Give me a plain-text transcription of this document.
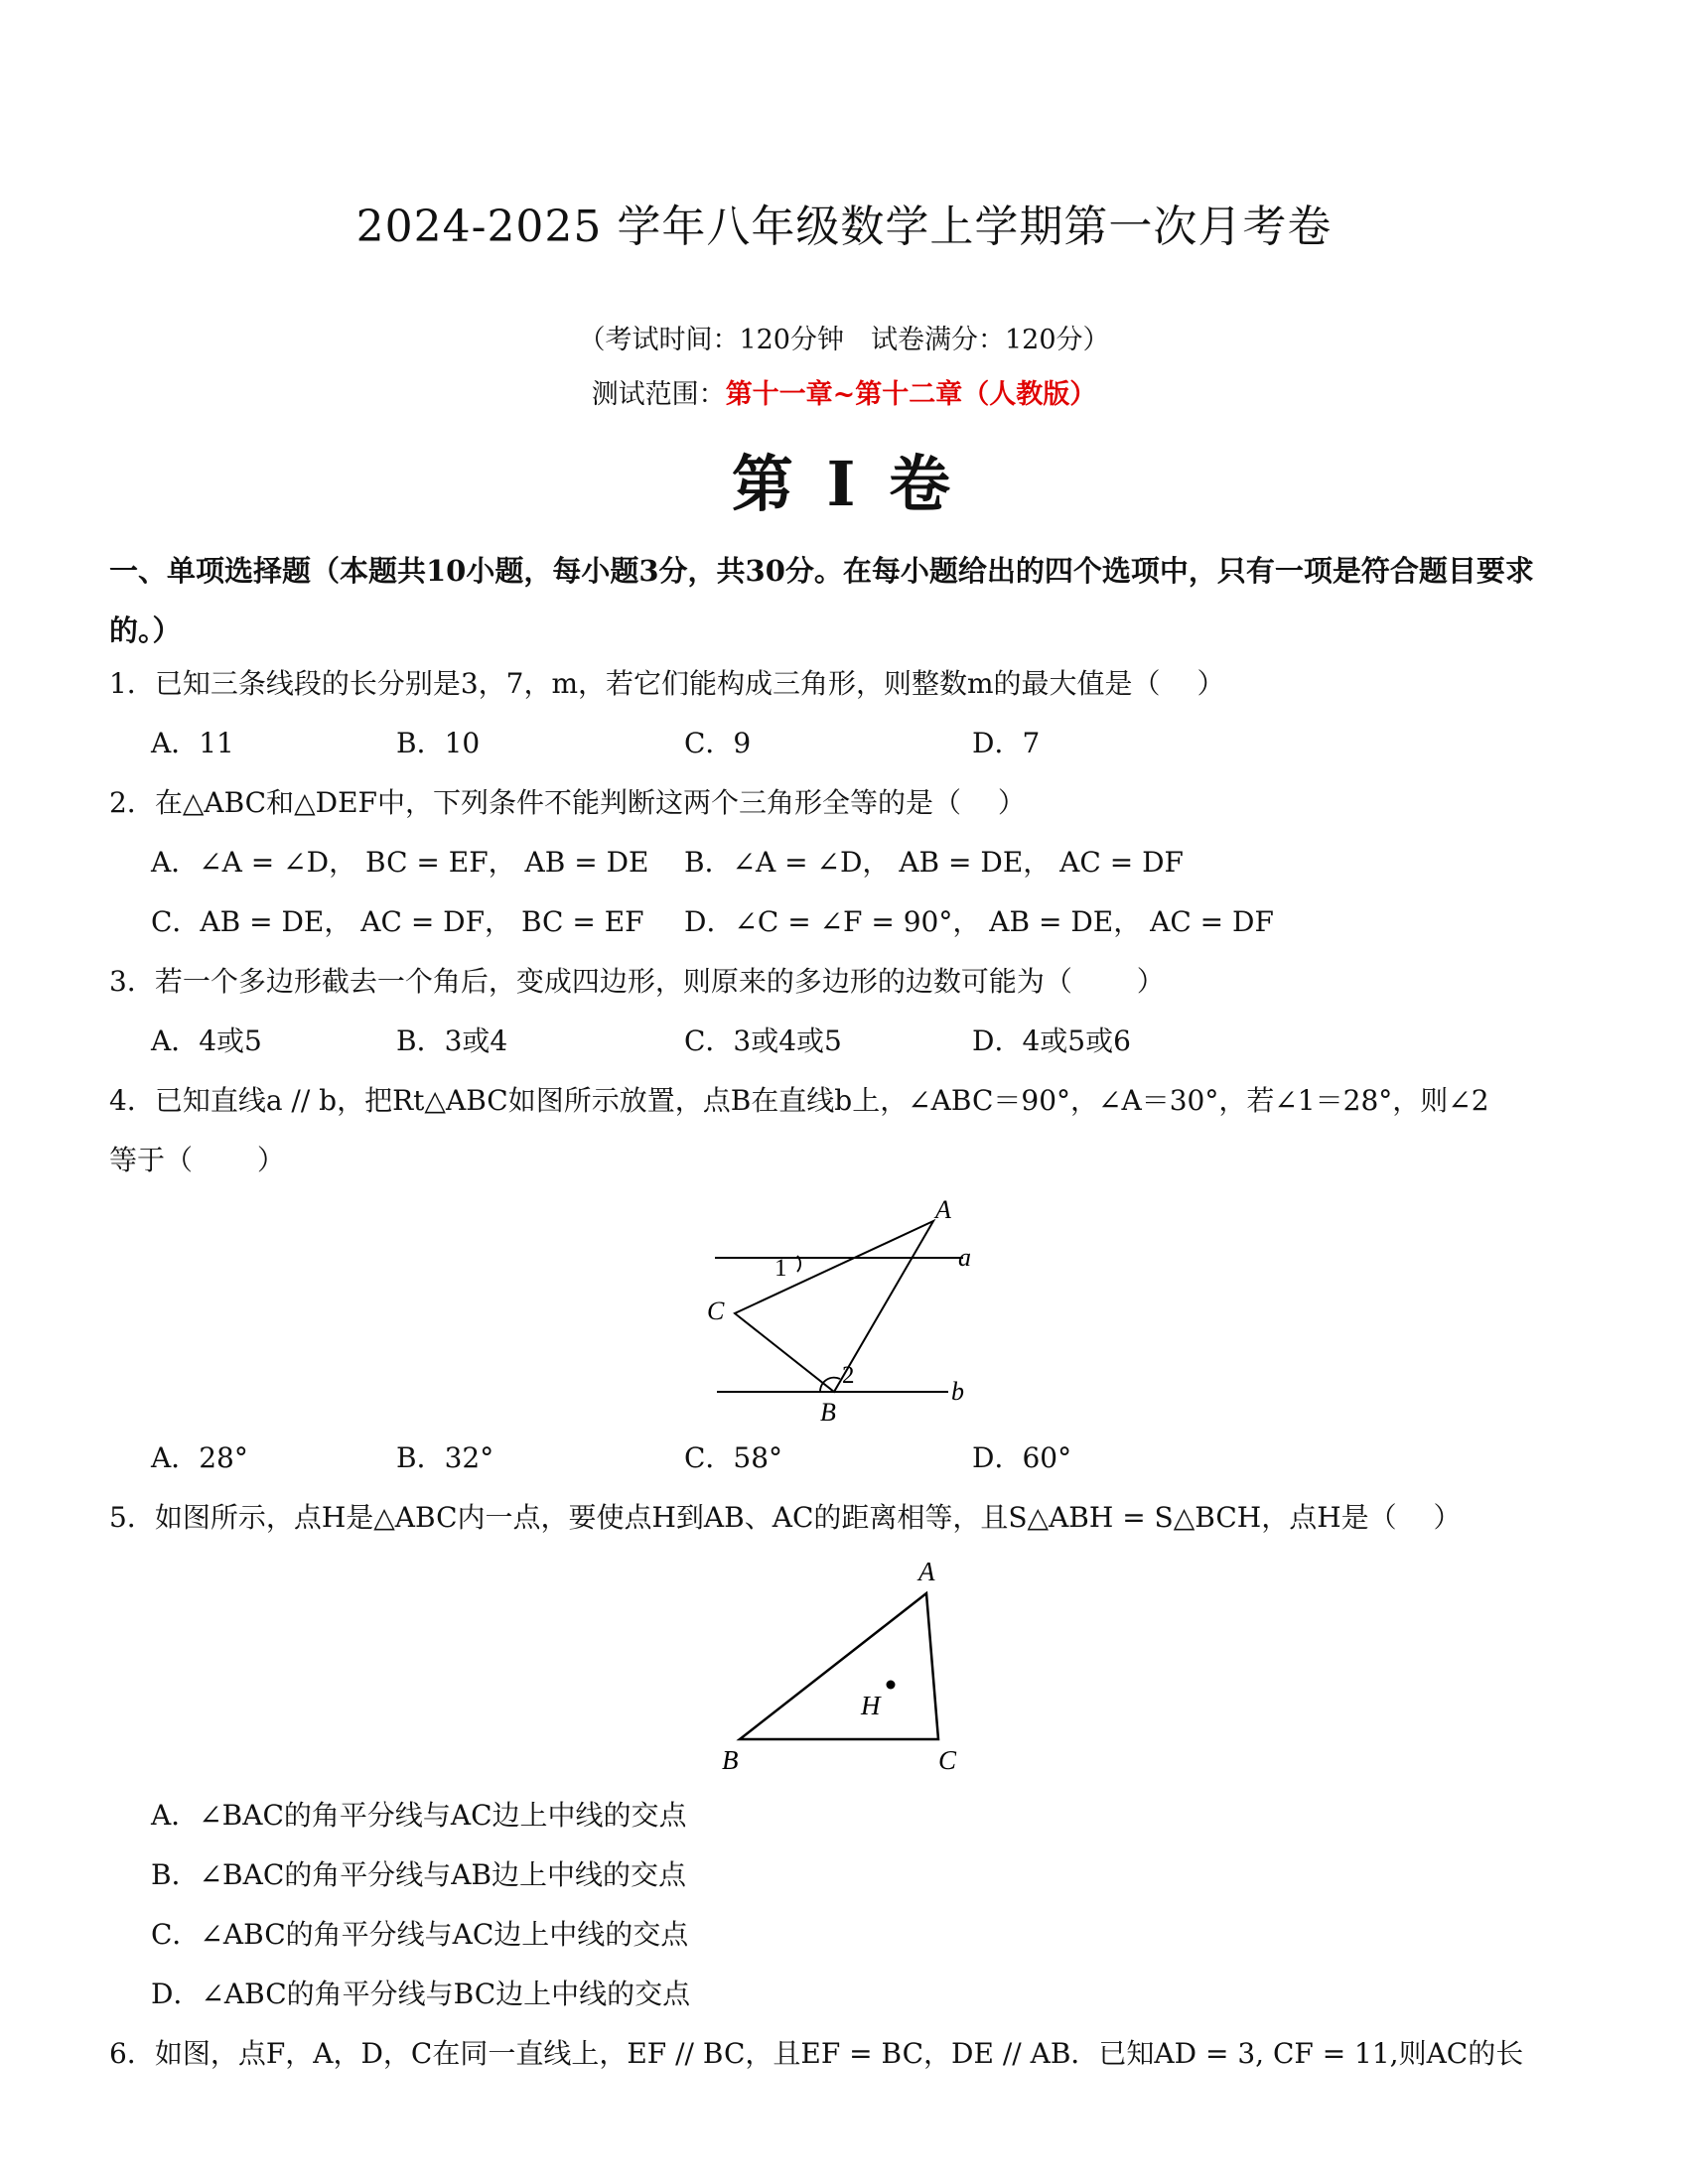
2024-2025 学年八年级数学上学期第一次月考卷
（考试时间：120分钟　试卷满分：120分）
测试范围：第十一章~第十二章（人教版）
第 I 卷
一、单项选择题（本题共10小题，每小题3分，共30分。在每小题给出的四个选项中，只有一项是符合题目要求的。）
1．已知三条线段的长分别是3，7，m，若它们能构成三角形，则整数m的最大值是（　 ）
A．11	B．10	C．9	D．7
2．在△ABC和△DEF中，下列条件不能判断这两个三角形全等的是（　 ）
A．∠A = ∠D， BC = EF， AB = DE B．∠A = ∠D， AB = DE， AC = DF
C．AB = DE， AC = DF， BC = EF D．∠C = ∠F = 90°， AB = DE， AC = DF
3．若一个多边形截去一个角后，变成四边形，则原来的多边形的边数可能为（　　 ）
A．4或5	B．3或4	C．3或4或5	D．4或5或6
4．已知直线a // b，把Rt△ABC如图所示放置，点B在直线b上，∠ABC＝90°，∠A＝30°，若∠1＝28°，则∠2
等于（　　 ）
A
a
1
C
2
b
B
A．28°	B．32°	C．58°	D．60°
5．如图所示，点H是△ABC内一点，要使点H到AB、AC的距离相等，且S△ABH = S△BCH，点H是（　 ）
A
H
B	C
A．∠BAC的角平分线与AC边上中线的交点
B．∠BAC的角平分线与AB边上中线的交点
C．∠ABC的角平分线与AC边上中线的交点
D．∠ABC的角平分线与BC边上中线的交点
6．如图，点F，A，D，C在同一直线上，EF // BC，且EF = BC，DE // AB．已知AD = 3, CF = 11,则AC的长
